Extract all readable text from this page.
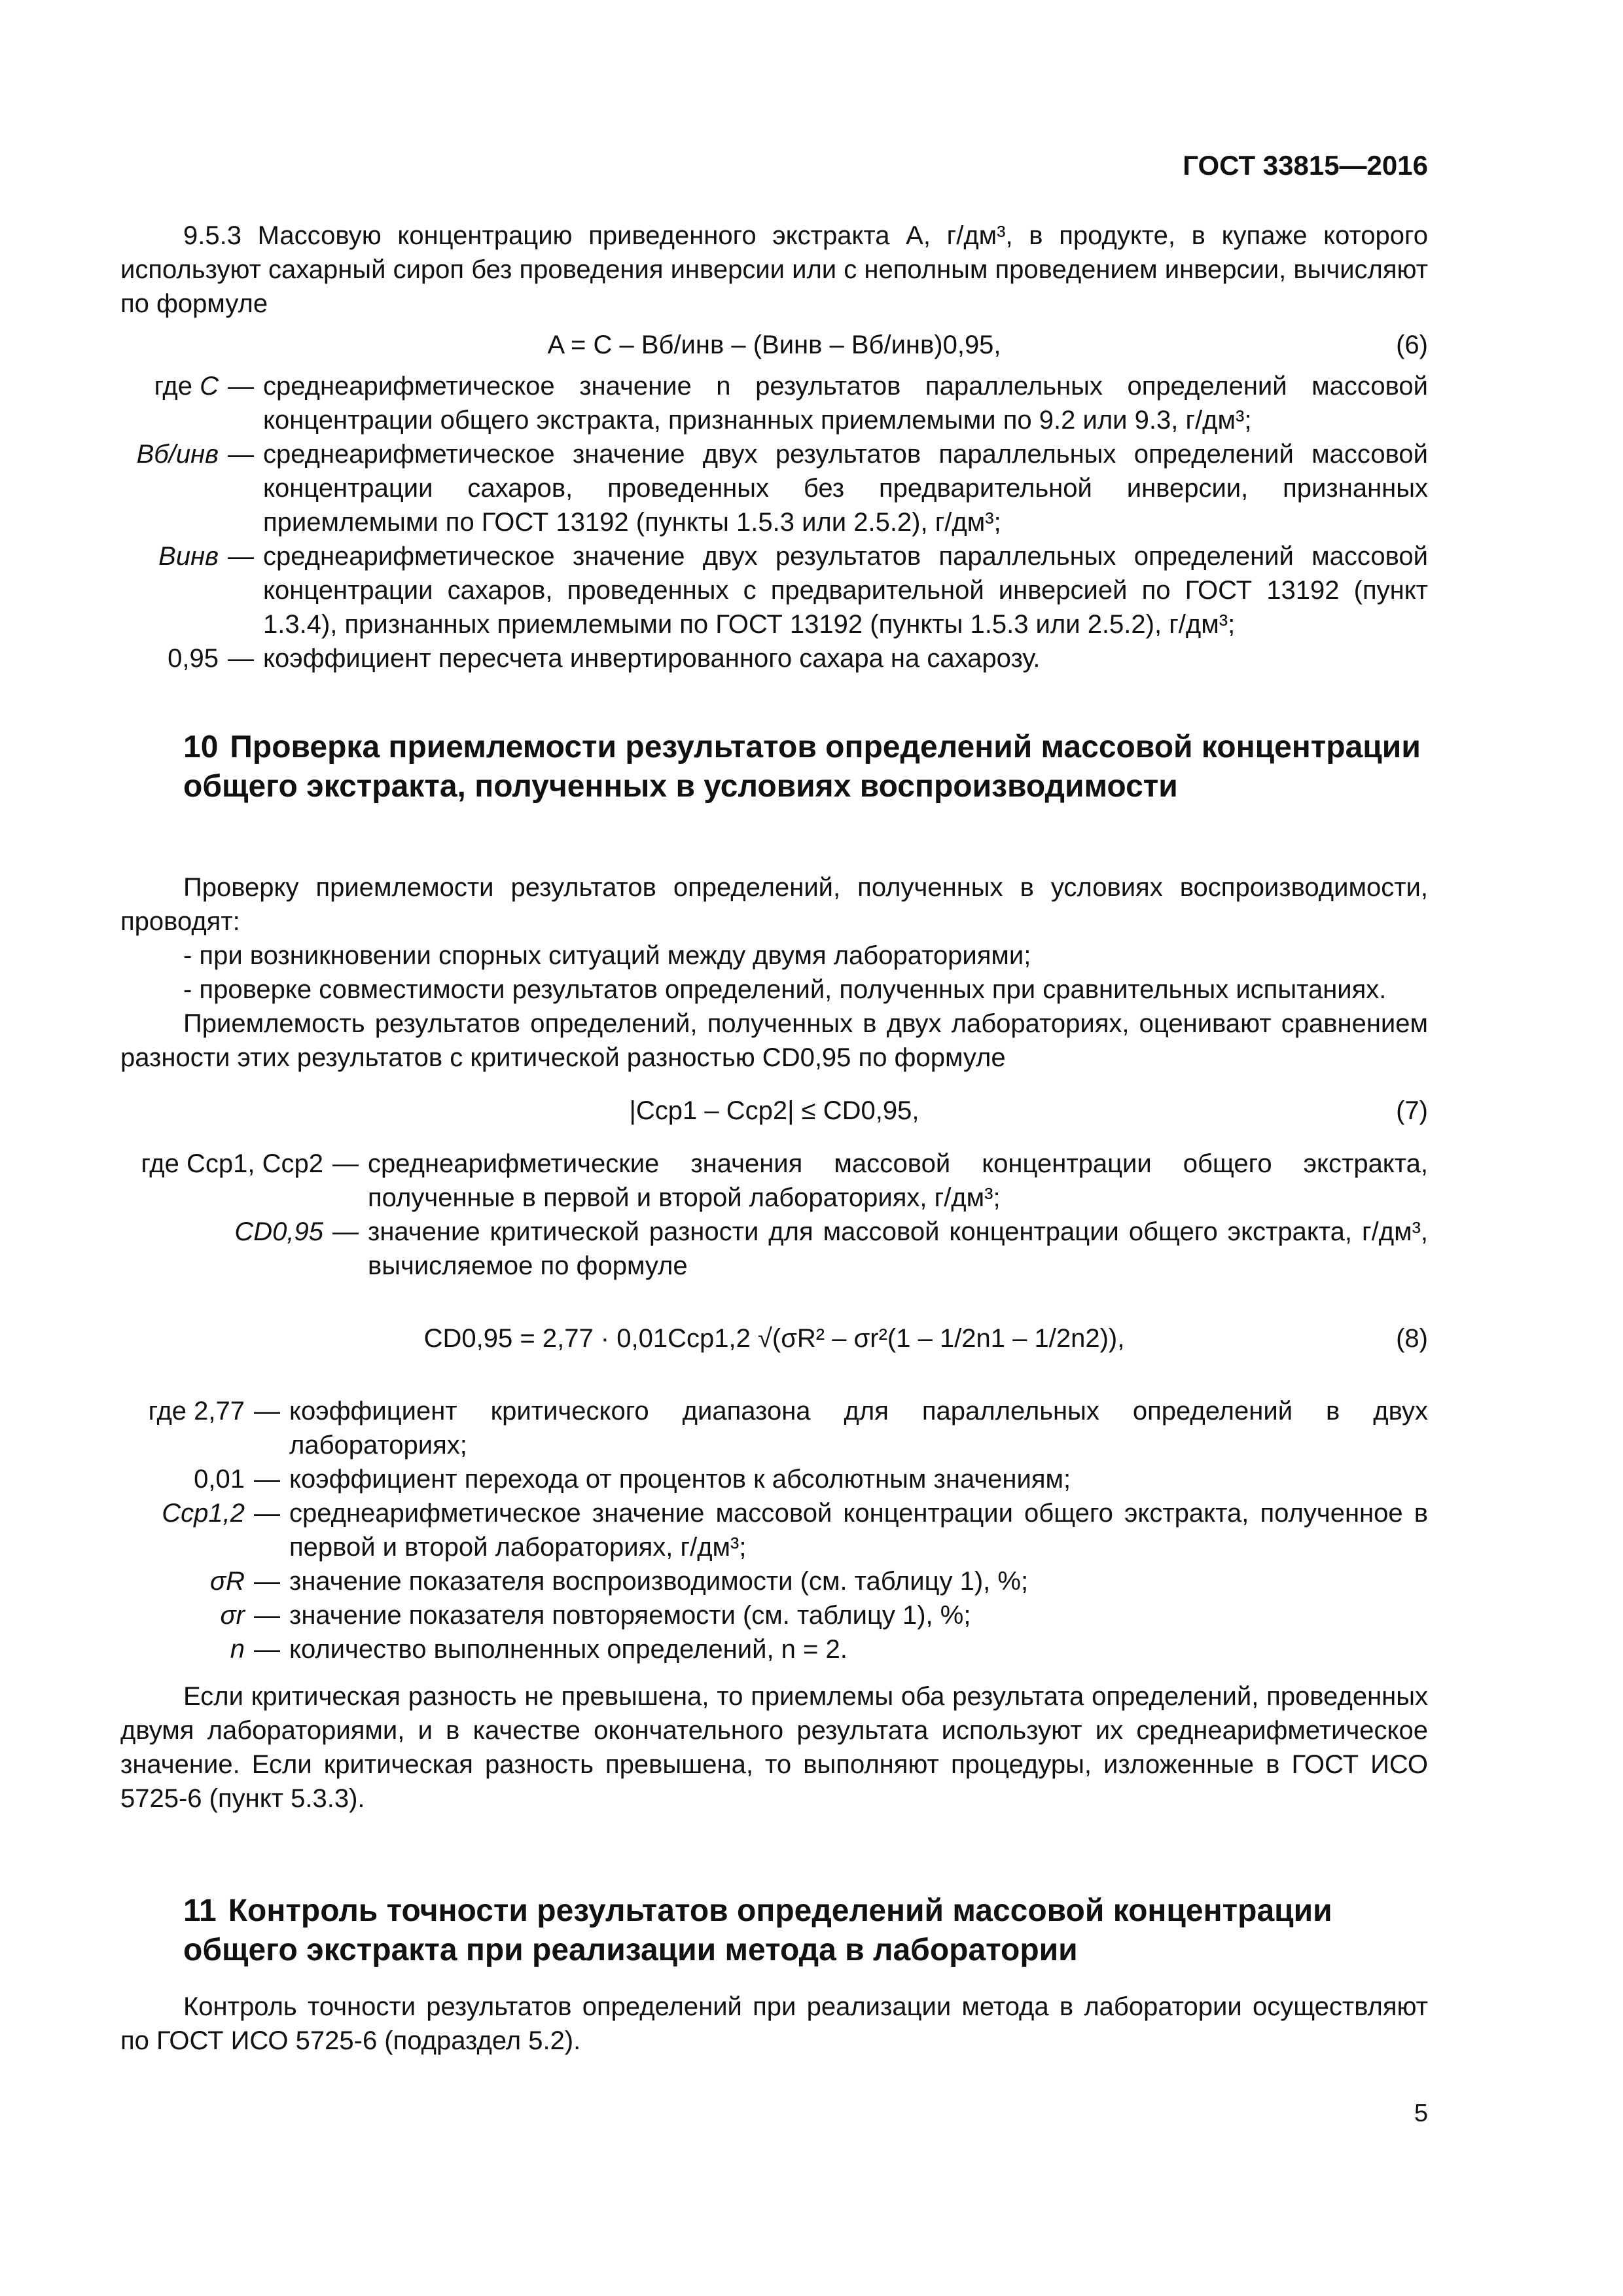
ГОСТ 33815—2016

9.5.3 Массовую концентрацию приведенного экстракта A, г/дм³, в продукте, в купаже которого используют сахарный сироп без проведения инверсии или с неполным проведением инверсии, вычисляют по формуле

A = C – Bб/инв – (Bинв – Bб/инв)0,95,	(6)
где C	—	среднеарифметическое значение n результатов параллельных определений массовой концентрации общего экстракта, признанных приемлемыми по 9.2 или 9.3, г/дм³;
Bб/инв	—	среднеарифметическое значение двух результатов параллельных определений массовой концентрации сахаров, проведенных без предварительной инверсии, признанных приемлемыми по ГОСТ 13192 (пункты 1.5.3 или 2.5.2), г/дм³;
Bинв	—	среднеарифметическое значение двух результатов параллельных определений массовой концентрации сахаров, проведенных с предварительной инверсией по ГОСТ 13192 (пункт 1.3.4), признанных приемлемыми по ГОСТ 13192 (пункты 1.5.3 или 2.5.2), г/дм³;
0,95	—	коэффициент пересчета инвертированного сахара на сахарозу.
10 Проверка приемлемости результатов определений массовой концентрации общего экстракта, полученных в условиях воспроизводимости

Проверку приемлемости результатов определений, полученных в условиях воспроизводимости, проводят:

- при возникновении спорных ситуаций между двумя лабораториями;

- проверке совместимости результатов определений, полученных при сравнительных испытаниях.

Приемлемость результатов определений, полученных в двух лабораториях, оценивают сравнением разности этих результатов с критической разностью CD0,95 по формуле

|Cср1 – Cср2| ≤ CD0,95,	(7)
где Cср1, Cср2	—	среднеарифметические значения массовой концентрации общего экстракта, полученные в первой и второй лабораториях, г/дм³;
CD0,95	—	значение критической разности для массовой концентрации общего экстракта, г/дм³, вычисляемое по формуле
CD0,95 = 2,77 · 0,01Cср1,2 √(σR² – σr²(1 – 1/2n1 – 1/2n2)),	(8)
где 2,77	—	коэффициент критического диапазона для параллельных определений в двух лабораториях;
0,01	—	коэффициент перехода от процентов к абсолютным значениям;
Cср1,2	—	среднеарифметическое значение массовой концентрации общего экстракта, полученное в первой и второй лабораториях, г/дм³;
σR	—	значение показателя воспроизводимости (см. таблицу 1), %;
σr	—	значение показателя повторяемости (см. таблицу 1), %;
n	—	количество выполненных определений, n = 2.

Если критическая разность не превышена, то приемлемы оба результата определений, проведенных двумя лабораториями, и в качестве окончательного результата используют их среднеарифметическое значение. Если критическая разность превышена, то выполняют процедуры, изложенные в ГОСТ ИСО 5725-6 (пункт 5.3.3).

11 Контроль точности результатов определений массовой концентрации общего экстракта при реализации метода в лаборатории

Контроль точности результатов определений при реализации метода в лаборатории осуществляют по ГОСТ ИСО 5725-6 (подраздел 5.2).

5
